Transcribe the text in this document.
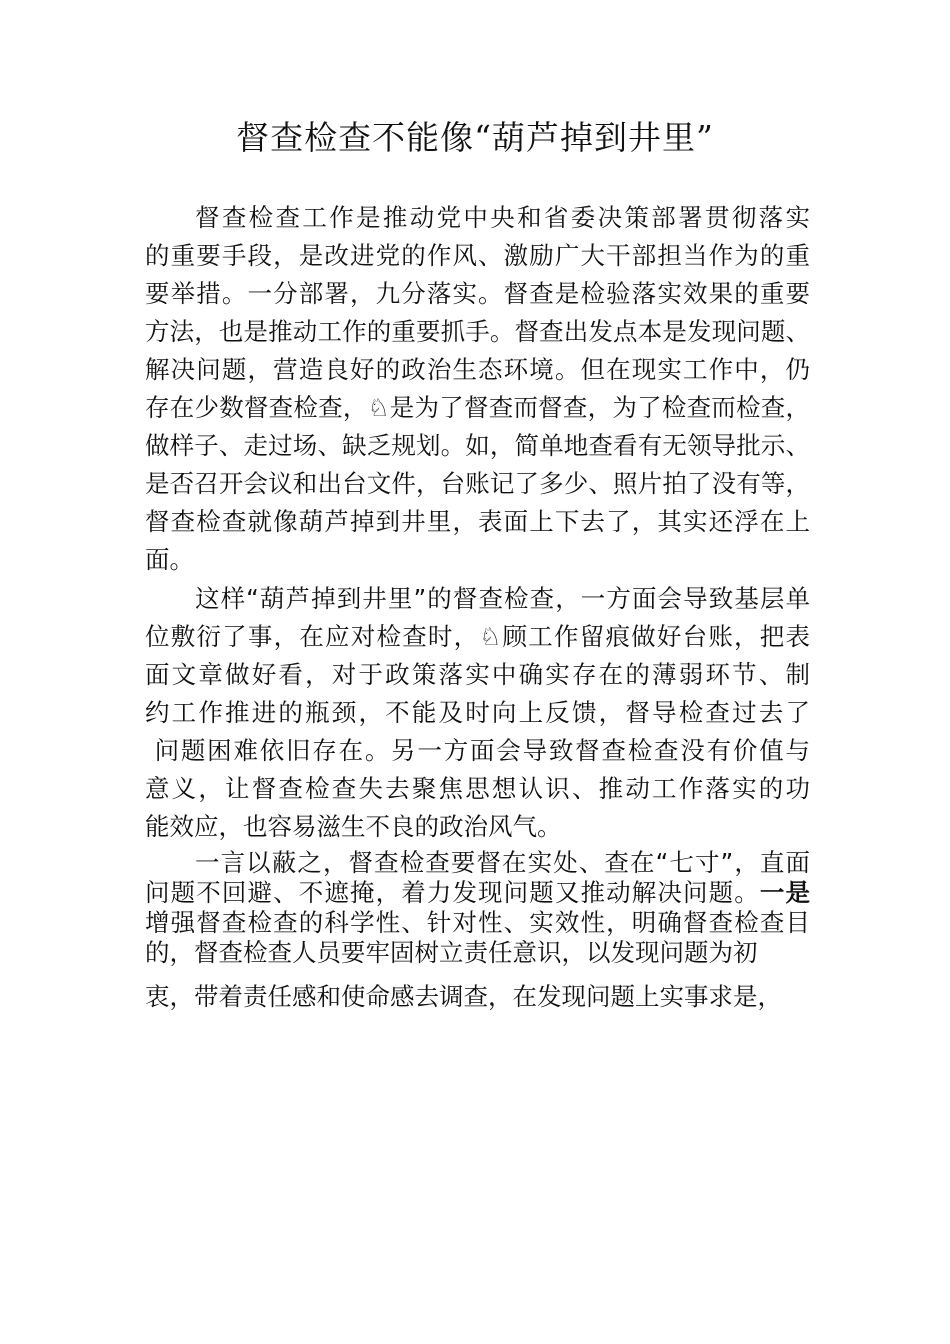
督查检查不能像“葫芦掉到井里”
督查检查工作是推动党中央和省委决策部署贯彻落实
的重要手段，是改进党的作风、激励广大干部担当作为的重
要举措。一分部署，九分落实。督查是检验落实效果的重要
方法，也是推动工作的重要抓手。督查出发点本是发现问题、
解决问题，营造良好的政治生态环境。但在现实工作中，仍
存在少数督查检查，♘是为了督查而督查，为了检查而检查，
做样子、走过场、缺乏规划。如，简单地查看有无领导批示、
是否召开会议和出台文件，台账记了多少、照片拍了没有等，
督查检查就像葫芦掉到井里，表面上下去了，其实还浮在上
面。
这样“葫芦掉到井里”的督查检查，一方面会导致基层单
位敷衍了事，在应对检查时，♘顾工作留痕做好台账，把表
面文章做好看，对于政策落实中确实存在的薄弱环节、制
约工作推进的瓶颈，不能及时向上反馈，督导检查过去了
问题困难依旧存在。另一方面会导致督查检查没有价值与
意义，让督查检查失去聚焦思想认识、推动工作落实的功
能效应，也容易滋生不良的政治风气。
一言以蔽之，督查检查要督在实处、查在“七寸”，直面
问题不回避、不遮掩，着力发现问题又推动解决问题。一是
增强督查检查的科学性、针对性、实效性，明确督查检查目
的，督查检查人员要牢固树立责任意识，以发现问题为初
衷，带着责任感和使命感去调查，在发现问题上实事求是，
